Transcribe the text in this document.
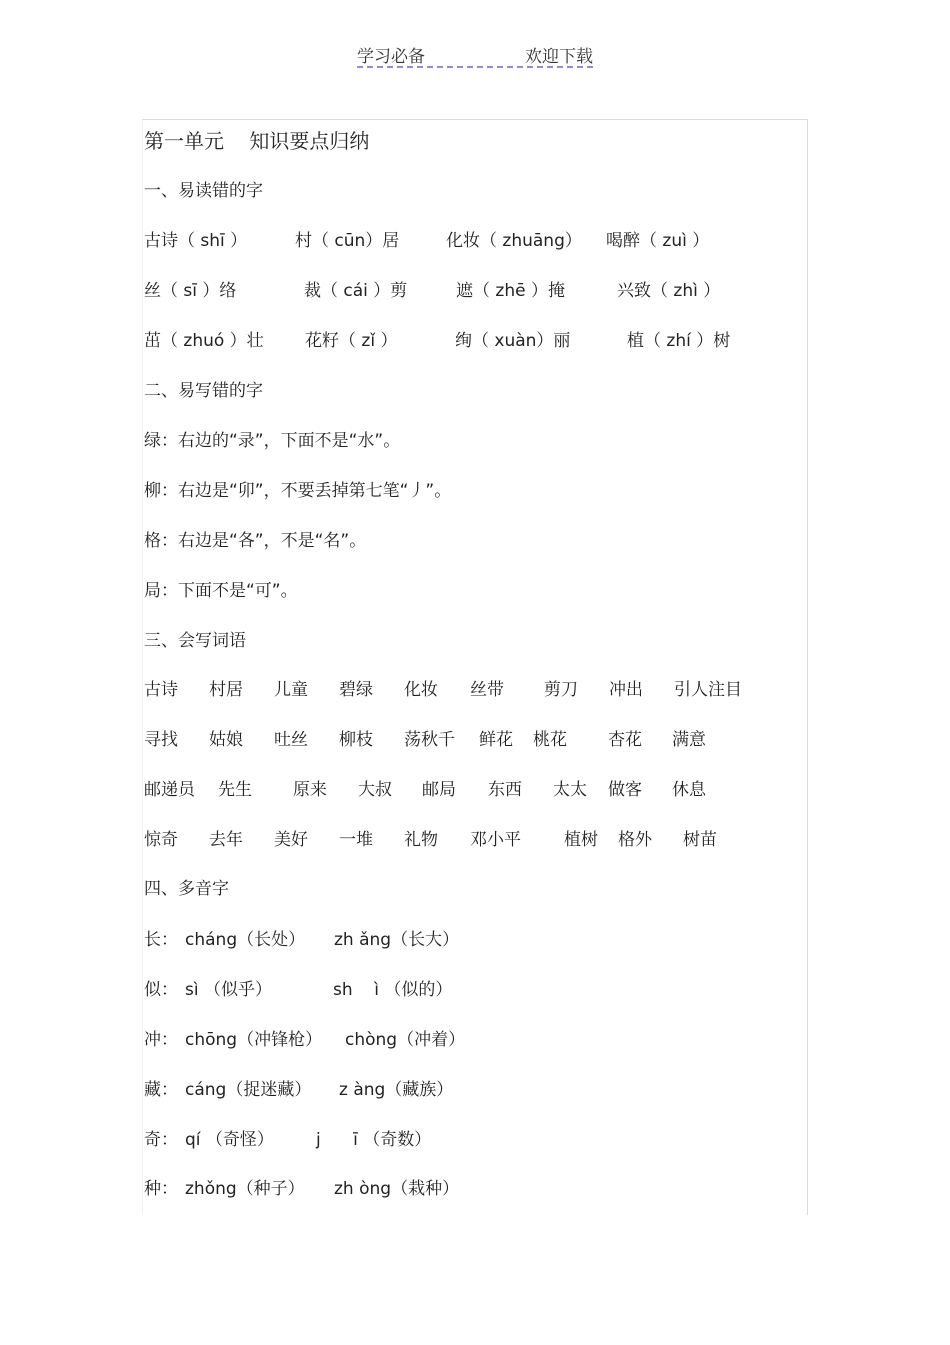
学习必备	欢迎下载
第一单元    知识要点归纳
一、易读错的字
古诗（ shī ）	村（ cūn）居	化妆（ zhuāng） 喝醉（ zuì ）
丝（ sī ）络	裁（ cái ）剪	遮（ zhē ）掩	兴致（ zhì ）
茁（ zhuó ）壮 花籽（ zǐ ）	绚（ xuàn）丽	植（ zhí ）树
二、易写错的字
绿：右边的“录”，下面不是“水”。
柳：右边是“卯”，不要丢掉第七笔“丿”。
格：右边是“各”，不是“名”。
局：下面不是“可”。
三、会写词语
古诗 村居 儿童 碧绿 化妆 丝带 剪刀 冲出 引人注目
寻找 姑娘 吐丝 柳枝 荡秋千 鲜花 桃花 杏花 满意
邮递员 先生 原来 大叔 邮局 东西 太太 做客 休息
惊奇 去年 美好 一堆 礼物 邓小平	植树 格外 树苗
四、多音字
长： cháng（长处） zh ǎng（长大）
似： sì （似乎）	sh    ì （似的）
冲： chōng（冲锋枪） chòng（冲着）
藏： cáng（捉迷藏） z àng（藏族）
奇： qí （奇怪） j      ī （奇数）
种： zhǒng（种子） zh òng（栽种）
